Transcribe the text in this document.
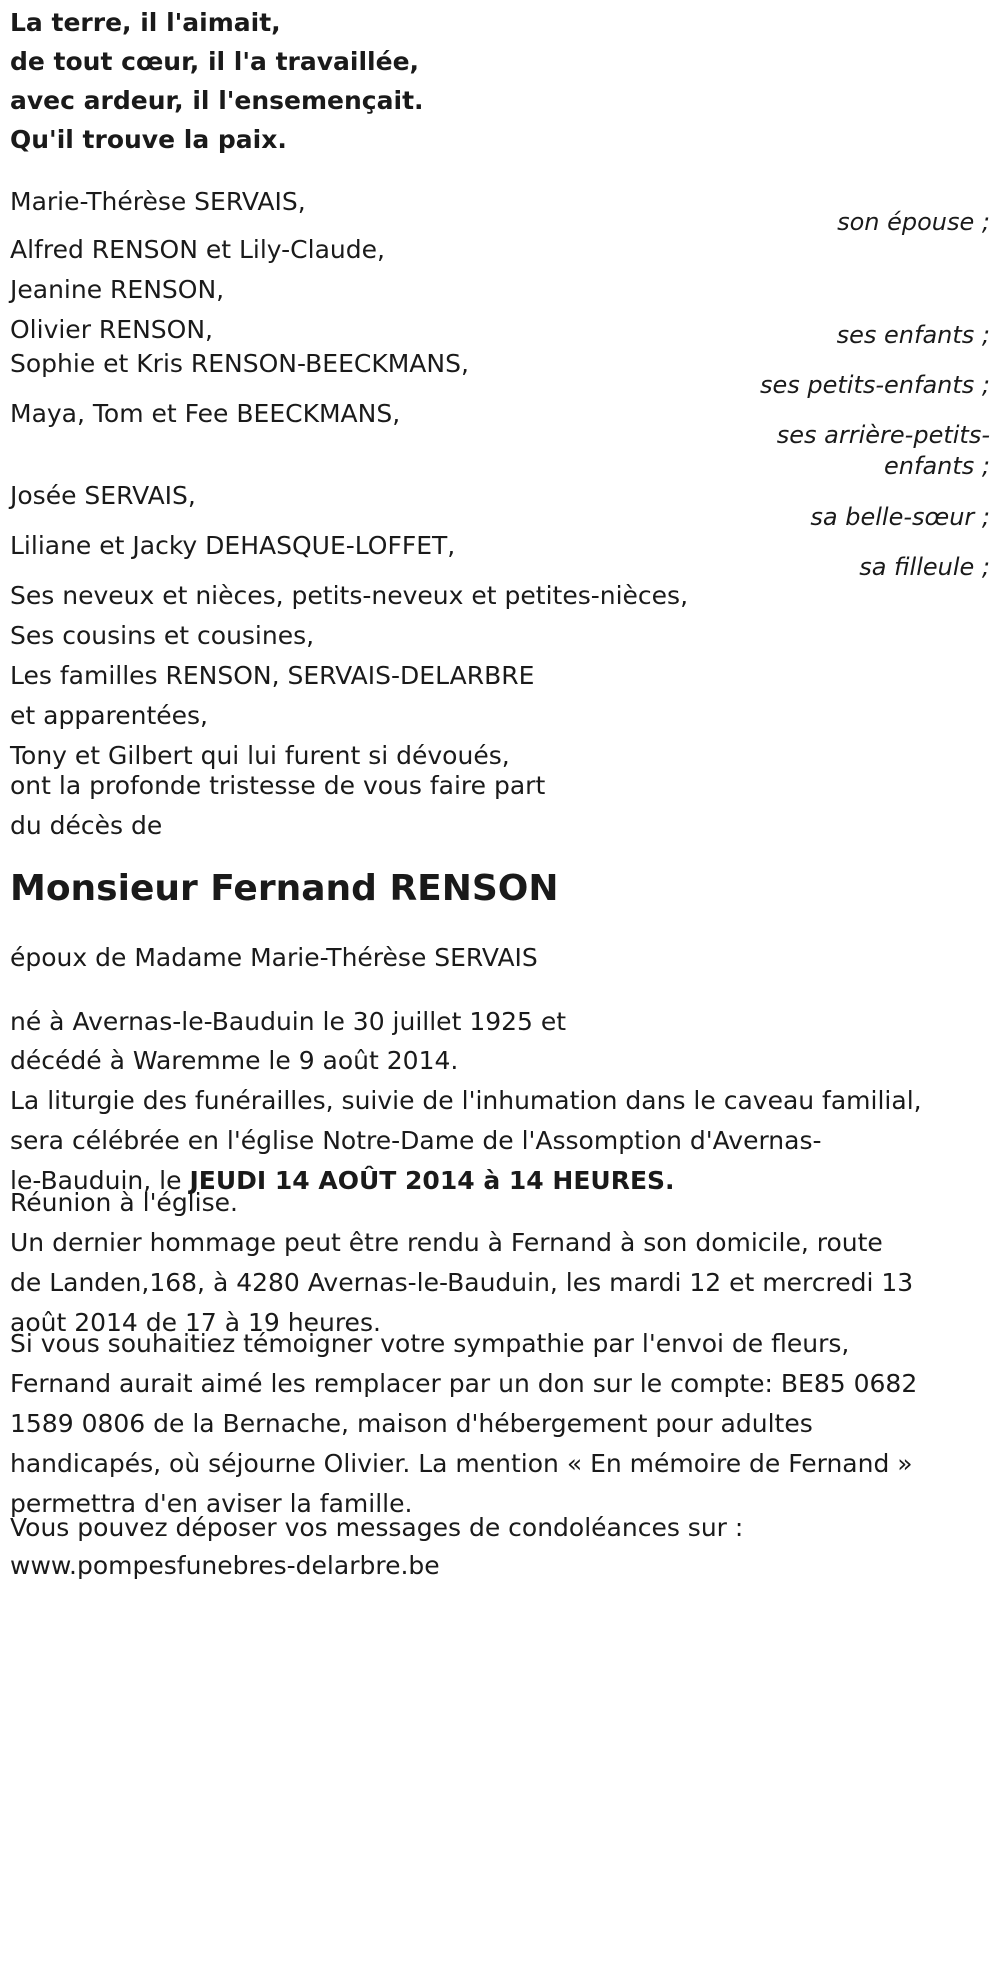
La terre, il l'aimait,
de tout cœur, il l'a travaillée,
avec ardeur, il l'ensemençait.
Qu'il trouve la paix.
Marie-Thérèse SERVAIS,
son épouse ;
Alfred RENSON et Lily-Claude,
Jeanine RENSON,
Olivier RENSON,	ses enfants ;
Sophie et Kris RENSON-BEECKMANS,
ses petits-enfants ;
Maya, Tom et Fee BEECKMANS,
ses arrière-petits-
enfants ;
Josée SERVAIS,
sa belle-sœur ;
Liliane et Jacky DEHASQUE-LOFFET,
sa filleule ;
Ses neveux et nièces, petits-neveux et petites-nièces,
Ses cousins et cousines,
Les familles RENSON, SERVAIS-DELARBRE
et apparentées,
Tony et Gilbert qui lui furent si dévoués,
ont la profonde tristesse de vous faire part
du décès de
Monsieur Fernand RENSON
époux de Madame Marie-Thérèse SERVAIS
né à Avernas-le-Bauduin le 30 juillet 1925 et
décédé à Waremme le 9 août 2014.
La liturgie des funérailles, suivie de l'inhumation dans le caveau familial,
sera célébrée en l'église Notre-Dame de l'Assomption d'Avernas-
le-Bauduin, le JEUDI 14 AOÛT 2014 à 14 HEURES.
Réunion à l'église.
Un dernier hommage peut être rendu à Fernand à son domicile, route
de Landen,168, à 4280 Avernas-le-Bauduin, les mardi 12 et mercredi 13
août 2014 de 17 à 19 heures.
Si vous souhaitiez témoigner votre sympathie par l'envoi de fleurs,
Fernand aurait aimé les remplacer par un don sur le compte: BE85 0682
1589 0806 de la Bernache, maison d'hébergement pour adultes
handicapés, où séjourne Olivier. La mention « En mémoire de Fernand »
permettra d'en aviser la famille.
Vous pouvez déposer vos messages de condoléances sur :
www.pompesfunebres-delarbre.be
